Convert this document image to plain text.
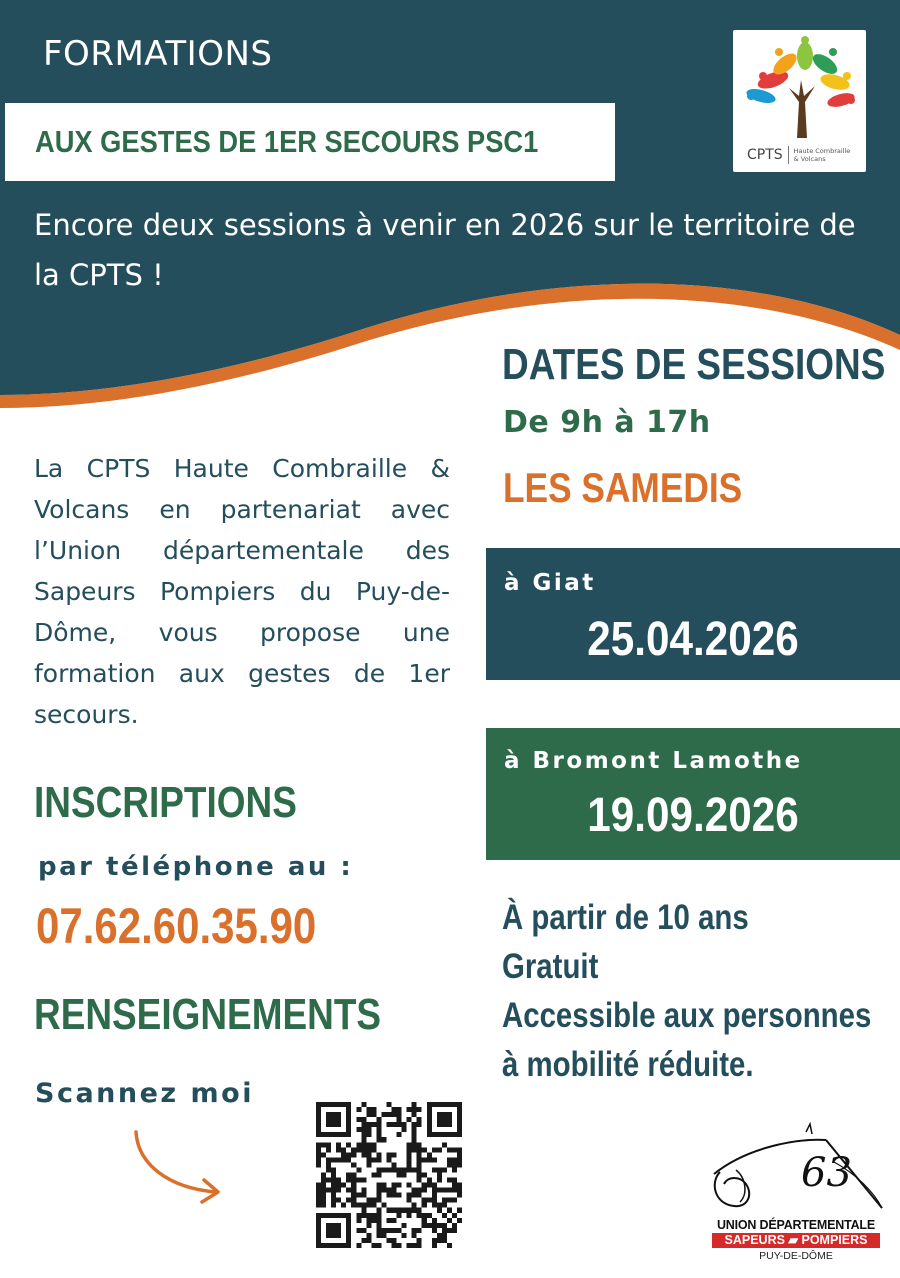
FORMATIONS
AUX GESTES DE 1ER SECOURS PSC1	CPTS Haute Combraille
& Volcans
Encore deux sessions à venir en 2026 sur le territoire de la CPTS !
DATES DE SESSIONS
De 9h à 17h
LES SAMEDIS
La CPTS Haute Combraille & Volcans en partenariat avec l’Union départementale des Sapeurs Pompiers du Puy-de-Dôme, vous propose une formation aux gestes de 1er secours.
à Giat
25.04.2026
à Bromont Lamothe
19.09.2026
À partir de 10 ans
Gratuit
Accessible aux personnes
à mobilité réduite.
INSCRIPTIONS
par téléphone au :
07.62.60.35.90
RENSEIGNEMENTS
Scannez moi
63
UNION DÉPARTEMENTALE
SAPEURS ▰ POMPIERS
PUY-DE-DÔME
